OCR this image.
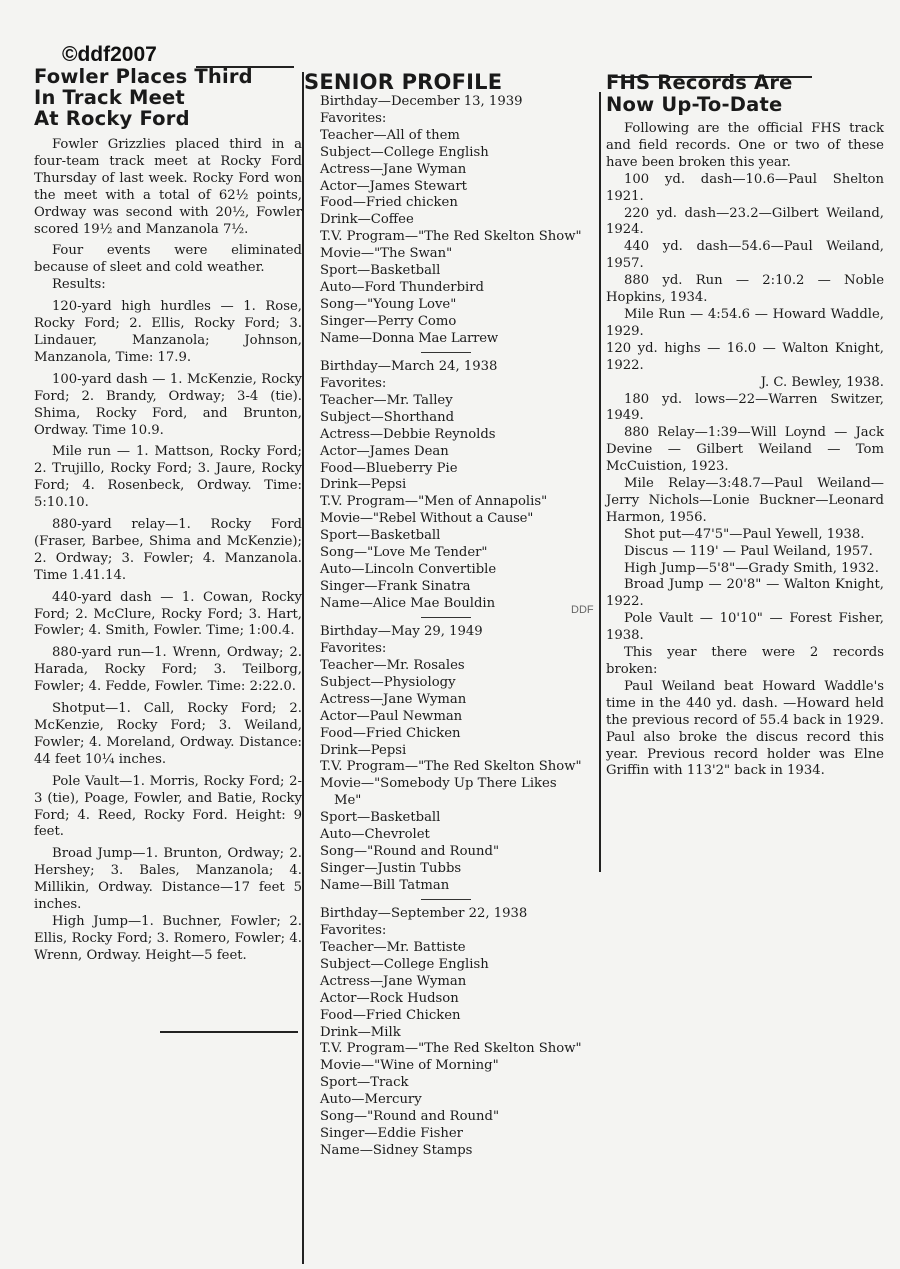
©ddf2007
DDF
Fowler Places Third
In Track Meet
At Rocky Ford

Fowler Grizzlies placed third in a four-team track meet at Rocky Ford Thursday of last week. Rocky Ford won the meet with a total of 62½ points, Ordway was second with 20½, Fowler scored 19½ and Manzanola 7½.

Four events were eliminated because of sleet and cold weather.

Results:

120-yard high hurdles — 1. Rose, Rocky Ford; 2. Ellis, Rocky Ford; 3. Lindauer, Manzanola; Johnson, Manzanola, Time: 17.9.

100-yard dash — 1. McKenzie, Rocky Ford; 2. Brandy, Ordway; 3-4 (tie). Shima, Rocky Ford, and Brunton, Ordway. Time 10.9.

Mile run — 1. Mattson, Rocky Ford; 2. Trujillo, Rocky Ford; 3. Jaure, Rocky Ford; 4. Rosenbeck, Ordway. Time: 5:10.10.

880-yard relay—1. Rocky Ford (Fraser, Barbee, Shima and McKenzie); 2. Ordway; 3. Fowler; 4. Manzanola. Time 1.41.14.

440-yard dash — 1. Cowan, Rocky Ford; 2. McClure, Rocky Ford; 3. Hart, Fowler; 4. Smith, Fowler. Time; 1:00.4.

880-yard run—1. Wrenn, Ordway; 2. Harada, Rocky Ford; 3. Teilborg, Fowler; 4. Fedde, Fowler. Time: 2:22.0.

Shotput—1. Call, Rocky Ford; 2. McKenzie, Rocky Ford; 3. Weiland, Fowler; 4. Moreland, Ordway. Distance: 44 feet 10¼ inches.

Pole Vault—1. Morris, Rocky Ford; 2-3 (tie), Poage, Fowler, and Batie, Rocky Ford; 4. Reed, Rocky Ford. Height: 9 feet.

Broad Jump—1. Brunton, Ordway; 2. Hershey; 3. Bales, Manzanola; 4. Millikin, Ordway. Distance—17 feet 5 inches.

High Jump—1. Buchner, Fowler; 2. Ellis, Rocky Ford; 3. Romero, Fowler; 4. Wrenn, Ordway. Height—5 feet.

SENIOR PROFILE
Birthday—December 13, 1939
Favorites:
Teacher—All of them
Subject—College English
Actress—Jane Wyman
Actor—James Stewart
Food—Fried chicken
Drink—Coffee
T.V. Program—"The Red Skelton Show"
Movie—"The Swan"
Sport—Basketball
Auto—Ford Thunderbird
Song—"Young Love"
Singer—Perry Como
Name—Donna Mae Larrew
Birthday—March 24, 1938
Favorites:
Teacher—Mr. Talley
Subject—Shorthand
Actress—Debbie Reynolds
Actor—James Dean
Food—Blueberry Pie
Drink—Pepsi
T.V. Program—"Men of Annapolis"
Movie—"Rebel Without a Cause"
Sport—Basketball
Song—"Love Me Tender"
Auto—Lincoln Convertible
Singer—Frank Sinatra
Name—Alice Mae Bouldin
Birthday—May 29, 1949
Favorites:
Teacher—Mr. Rosales
Subject—Physiology
Actress—Jane Wyman
Actor—Paul Newman
Food—Fried Chicken
Drink—Pepsi
T.V. Program—"The Red Skelton Show"
Movie—"Somebody Up There Likes Me"
Sport—Basketball
Auto—Chevrolet
Song—"Round and Round"
Singer—Justin Tubbs
Name—Bill Tatman
Birthday—September 22, 1938
Favorites:
Teacher—Mr. Battiste
Subject—College English
Actress—Jane Wyman
Actor—Rock Hudson
Food—Fried Chicken
Drink—Milk
T.V. Program—"The Red Skelton Show"
Movie—"Wine of Morning"
Sport—Track
Auto—Mercury
Song—"Round and Round"
Singer—Eddie Fisher
Name—Sidney Stamps
FHS Records Are
Now Up-To-Date

Following are the official FHS track and field records. One or two of these have been broken this year.

100 yd. dash—10.6—Paul Shelton 1921.

220 yd. dash—23.2—Gilbert Weiland, 1924.

440 yd. dash—54.6—Paul Weiland, 1957.

880 yd. Run — 2:10.2 — Noble Hopkins, 1934.

Mile Run — 4:54.6 — Howard Waddle, 1929.

120 yd. highs — 16.0 — Walton Knight, 1922.

J. C. Bewley, 1938.

180 yd. lows—22—Warren Switzer, 1949.

880 Relay—1:39—Will Loynd — Jack Devine — Gilbert Weiland — Tom McCuistion, 1923.

Mile Relay—3:48.7—Paul Weiland—Jerry Nichols—Lonie Buckner—Leonard Harmon, 1956.

Shot put—47'5"—Paul Yewell, 1938.

Discus — 119' — Paul Weiland, 1957.

High Jump—5'8"—Grady Smith, 1932.

Broad Jump — 20'8" — Walton Knight, 1922.

Pole Vault — 10'10" — Forest Fisher, 1938.

This year there were 2 records broken:

Paul Weiland beat Howard Waddle's time in the 440 yd. dash. —Howard held the previous record of 55.4 back in 1929. Paul also broke the discus record this year. Previous record holder was Elne Griffin with 113'2" back in 1934.
